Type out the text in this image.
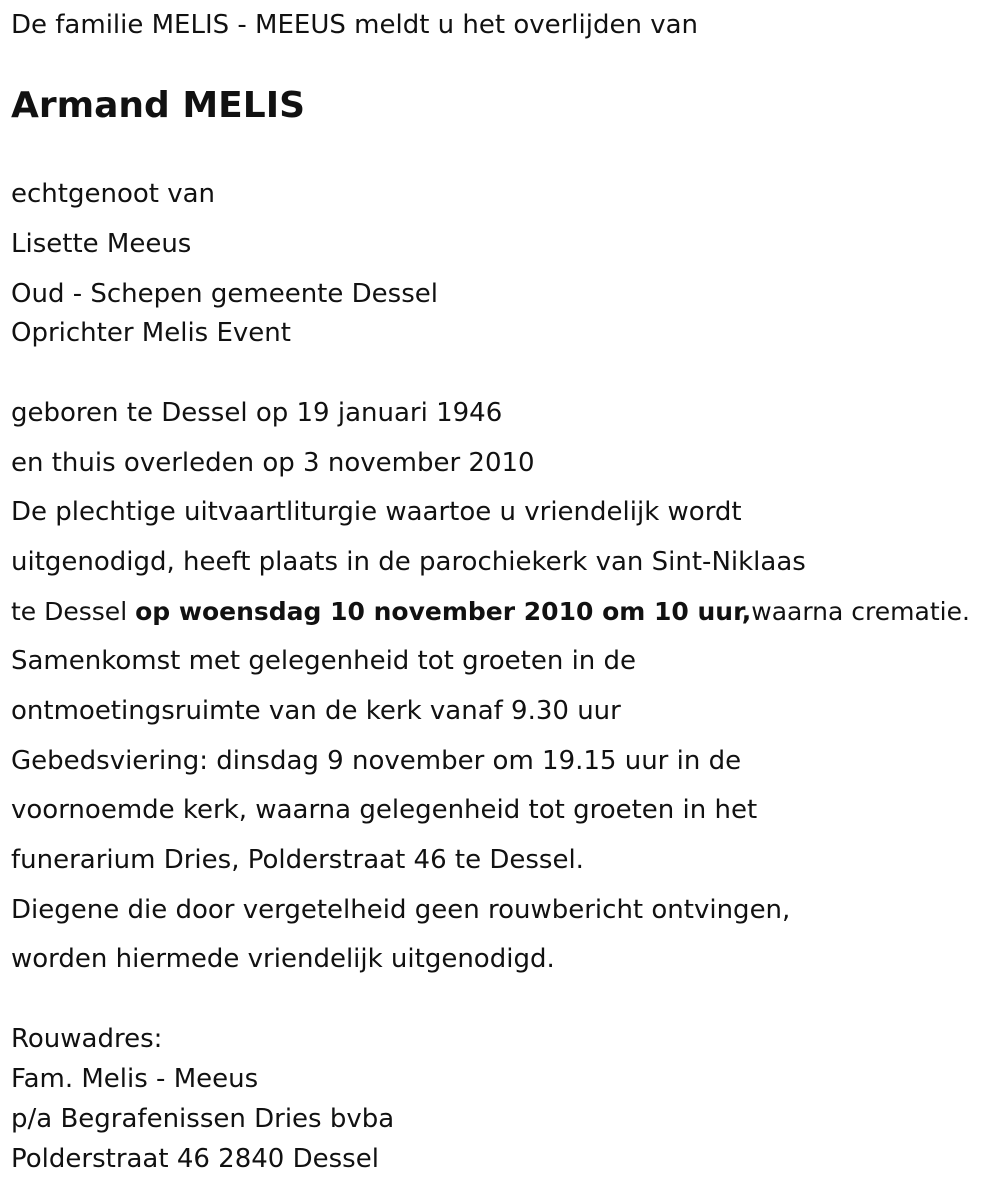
De familie MELIS - MEEUS meldt u het overlijden van
Armand MELIS
echtgenoot van
Lisette Meeus
Oud - Schepen gemeente Dessel
Oprichter Melis Event
geboren te Dessel op 19 januari 1946
en thuis overleden op 3 november 2010
De plechtige uitvaartliturgie waartoe u vriendelijk wordt
uitgenodigd, heeft plaats in de parochiekerk van Sint-Niklaas
te Dessel op woensdag 10 november 2010 om 10 uur,waarna crematie.
Samenkomst met gelegenheid tot groeten in de
ontmoetingsruimte van de kerk vanaf 9.30 uur
Gebedsviering: dinsdag 9 november om 19.15 uur in de
voornoemde kerk, waarna gelegenheid tot groeten in het
funerarium Dries, Polderstraat 46 te Dessel.
Diegene die door vergetelheid geen rouwbericht ontvingen,
worden hiermede vriendelijk uitgenodigd.
Rouwadres:
Fam. Melis - Meeus
p/a Begrafenissen Dries bvba
Polderstraat 46 2840 Dessel
